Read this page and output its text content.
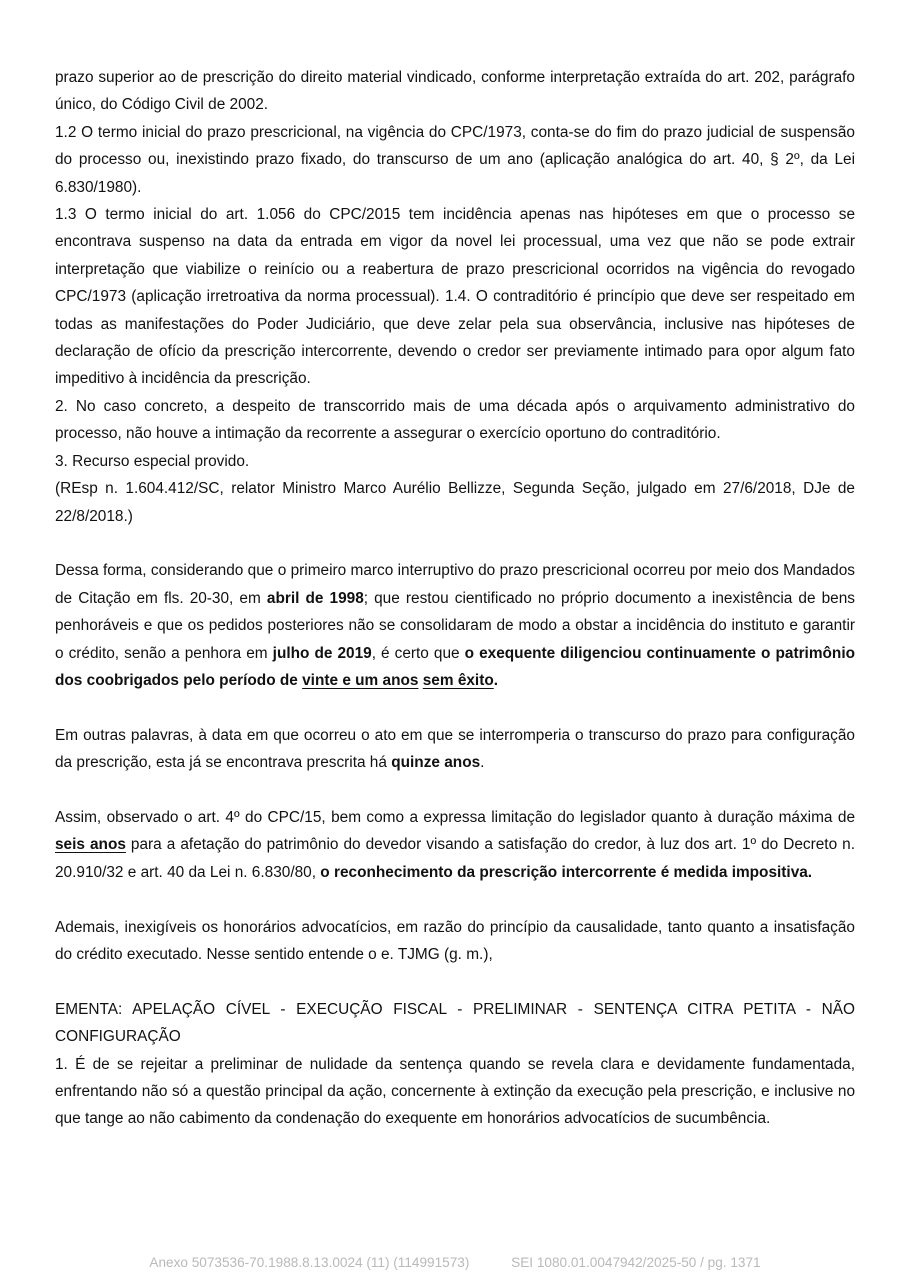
prazo superior ao de prescrição do direito material vindicado, conforme interpretação extraída do art. 202, parágrafo único, do Código Civil de 2002.

1.2 O termo inicial do prazo prescricional, na vigência do CPC/1973, conta-se do fim do prazo judicial de suspensão do processo ou, inexistindo prazo fixado, do transcurso de um ano (aplicação analógica do art. 40, § 2º, da Lei 6.830/1980).

1.3 O termo inicial do art. 1.056 do CPC/2015 tem incidência apenas nas hipóteses em que o processo se encontrava suspenso na data da entrada em vigor da novel lei processual, uma vez que não se pode extrair interpretação que viabilize o reinício ou a reabertura de prazo prescricional ocorridos na vigência do revogado CPC/1973 (aplicação irretroativa da norma processual). 1.4. O contraditório é princípio que deve ser respeitado em todas as manifestações do Poder Judiciário, que deve zelar pela sua observância, inclusive nas hipóteses de declaração de ofício da prescrição intercorrente, devendo o credor ser previamente intimado para opor algum fato impeditivo à incidência da prescrição.

2. No caso concreto, a despeito de transcorrido mais de uma década após o arquivamento administrativo do processo, não houve a intimação da recorrente a assegurar o exercício oportuno do contraditório.

3. Recurso especial provido.

(REsp n. 1.604.412/SC, relator Ministro Marco Aurélio Bellizze, Segunda Seção, julgado em 27/6/2018, DJe de 22/8/2018.)

Dessa forma, considerando que o primeiro marco interruptivo do prazo prescricional ocorreu por meio dos Mandados de Citação em fls. 20-30, em abril de 1998; que restou cientificado no próprio documento a inexistência de bens penhoráveis e que os pedidos posteriores não se consolidaram de modo a obstar a incidência do instituto e garantir o crédito, senão a penhora em julho de 2019, é certo que o exequente diligenciou continuamente o patrimônio dos coobrigados pelo período de vinte e um anos sem êxito.

Em outras palavras, à data em que ocorreu o ato em que se interromperia o transcurso do prazo para configuração da prescrição, esta já se encontrava prescrita há quinze anos.

Assim, observado o art. 4º do CPC/15, bem como a expressa limitação do legislador quanto à duração máxima de seis anos para a afetação do patrimônio do devedor visando a satisfação do credor, à luz dos art. 1º do Decreto n. 20.910/32 e art. 40 da Lei n. 6.830/80, o reconhecimento da prescrição intercorrente é medida impositiva.

Ademais, inexigíveis os honorários advocatícios, em razão do princípio da causalidade, tanto quanto a insatisfação do crédito executado. Nesse sentido entende o e. TJMG (g. m.),

EMENTA: APELAÇÃO CÍVEL - EXECUÇÃO FISCAL - PRELIMINAR - SENTENÇA CITRA PETITA - NÃO CONFIGURAÇÃO

1. É de se rejeitar a preliminar de nulidade da sentença quando se revela clara e devidamente fundamentada, enfrentando não só a questão principal da ação, concernente à extinção da execução pela prescrição, e inclusive no que tange ao não cabimento da condenação do exequente em honorários advocatícios de sucumbência.

Anexo 5073536-70.1988.8.13.0024 (11) (114991573)	SEI 1080.01.0047942/2025-50 / pg. 1371
